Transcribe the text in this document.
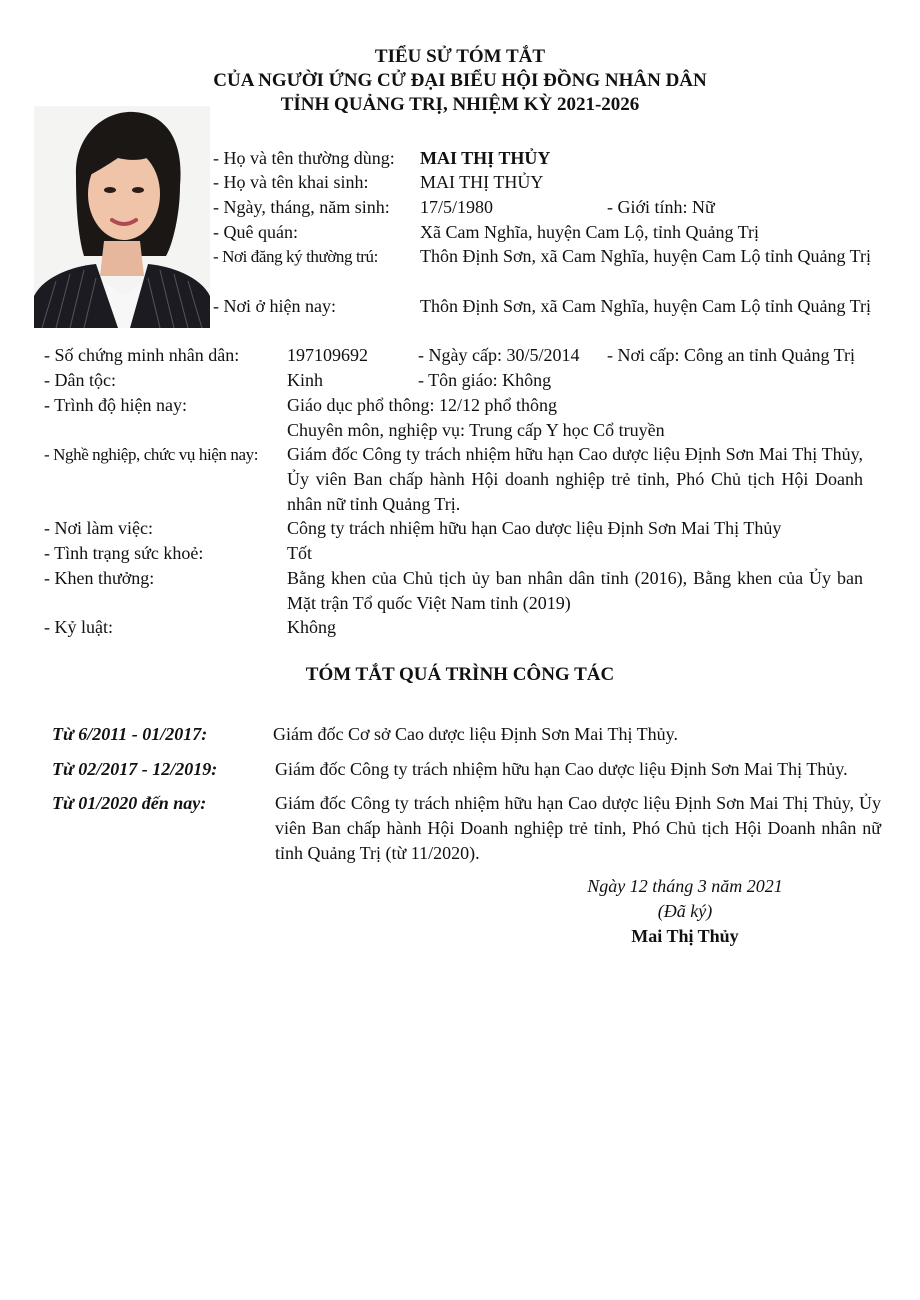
TIỂU SỬ TÓM TẮT
CỦA NGƯỜI ỨNG CỬ ĐẠI BIỂU HỘI ĐỒNG NHÂN DÂN
TỈNH QUẢNG TRỊ, NHIỆM KỲ 2021-2026
- Họ và tên thường dùng: MAI THỊ THỦY
- Họ và tên khai sinh:	MAI THỊ THỦY
- Ngày, tháng, năm sinh: 17/5/1980	- Giới tính: Nữ
- Quê quán:	Xã Cam Nghĩa, huyện Cam Lộ, tỉnh Quảng Trị
- Nơi đăng ký thường trú: Thôn Định Sơn, xã Cam Nghĩa, huyện Cam Lộ tỉnh Quảng Trị
- Nơi ở hiện nay:	Thôn Định Sơn, xã Cam Nghĩa, huyện Cam Lộ tỉnh Quảng Trị
- Số chứng minh nhân dân:	197109692	- Ngày cấp: 30/5/2014 - Nơi cấp: Công an tỉnh Quảng Trị
- Dân tộc:	Kinh	- Tôn giáo: Không
- Trình độ hiện nay:	Giáo dục phổ thông: 12/12 phổ thông
Chuyên môn, nghiệp vụ: Trung cấp Y học Cổ truyền
- Nghề nghiệp, chức vụ hiện nay: Giám đốc Công ty trách nhiệm hữu hạn Cao dược liệu Định Sơn Mai Thị Thủy, Ủy viên Ban chấp hành Hội doanh nghiệp trẻ tỉnh, Phó Chủ tịch Hội Doanh nhân nữ tỉnh Quảng Trị.
- Nơi làm việc:	Công ty trách nhiệm hữu hạn Cao dược liệu Định Sơn Mai Thị Thủy
- Tình trạng sức khoẻ:	Tốt
- Khen thưởng:	Bằng khen của Chủ tịch ủy ban nhân dân tỉnh (2016), Bằng khen của Ủy ban Mặt trận Tổ quốc Việt Nam tỉnh (2019)
- Kỷ luật:	Không
TÓM TẮT QUÁ TRÌNH CÔNG TÁC
Từ 6/2011 - 01/2017:	Giám đốc Cơ sở Cao dược liệu Định Sơn Mai Thị Thủy.
Từ 02/2017 - 12/2019:	Giám đốc Công ty trách nhiệm hữu hạn Cao dược liệu Định Sơn Mai Thị Thủy.
Từ 01/2020 đến nay:	Giám đốc Công ty trách nhiệm hữu hạn Cao dược liệu Định Sơn Mai Thị Thủy, Ủy viên Ban chấp hành Hội Doanh nghiệp trẻ tỉnh, Phó Chủ tịch Hội Doanh nhân nữ tỉnh Quảng Trị (từ 11/2020).
Ngày 12 tháng 3 năm 2021
(Đã ký)
Mai Thị Thủy
